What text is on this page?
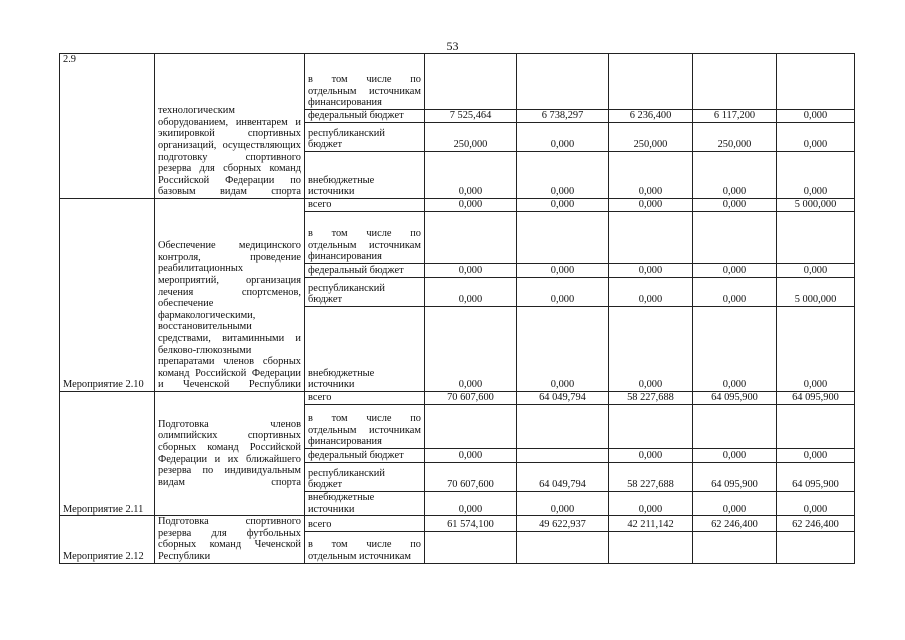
53
2.9	технологическим оборудованием, инвентарем и экипировкой спортивных организаций, осуществляющих подготовку спортивного резерва для сборных команд Российской Федерации по базовым видам спорта	в том числе по отдельным источникам финансирования					
		федеральный бюджет	7 525,464	6 738,297	6 236,400	6 117,200	0,000
		республиканский бюджет	250,000	0,000	250,000	250,000	0,000
		внебюджетные источники	0,000	0,000	0,000	0,000	0,000
Мероприятие 2.10	Обеспечение медицинского контроля, проведение реабилитационных мероприятий, организация лечения спортсменов, обеспечение фармакологическими, восстановительными средствами, витаминными и белково-глюкозными препаратами членов сборных команд Российской Федерации и Чеченской Республики	всего	0,000	0,000	0,000	0,000	5 000,000
		в том числе по отдельным источникам финансирования					
		федеральный бюджет	0,000	0,000	0,000	0,000	0,000
		республиканский бюджет	0,000	0,000	0,000	0,000	5 000,000
		внебюджетные источники	0,000	0,000	0,000	0,000	0,000
Мероприятие 2.11	Подготовка членов олимпийских спортивных сборных команд Российской Федерации и их ближайшего резерва по индивидуальным видам спорта	всего	70 607,600	64 049,794	58 227,688	64 095,900	64 095,900
		в том числе по отдельным источникам финансирования					
		федеральный бюджет	0,000		0,000	0,000	0,000
		республиканский бюджет	70 607,600	64 049,794	58 227,688	64 095,900	64 095,900
		внебюджетные источники	0,000	0,000	0,000	0,000	0,000
Мероприятие 2.12	Подготовка спортивного резерва для футбольных сборных команд Чеченской Республики	всего	61 574,100	49 622,937	42 211,142	62 246,400	62 246,400
		в том числе по отдельным источникам					
